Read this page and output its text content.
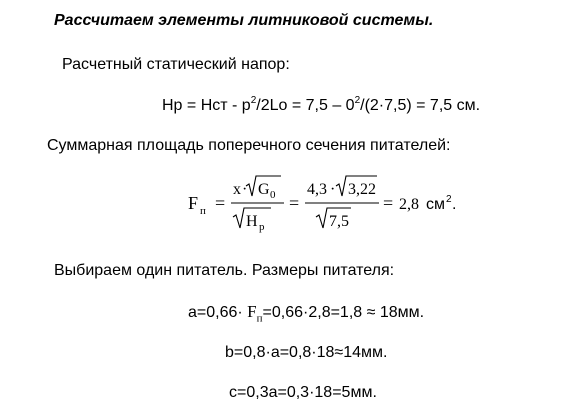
Рассчитаем элементы литниковой системы.
Расчетный статический напор:
Hр = Hст - $р^2/2Lo = 7,5 - 0^2/(2\cdot 7,5) = 7,5$ см.
Суммарная площадь поперечного сечения питателей:
F п =
x · G 0
H р
=
4,3 · 3,22
7,5
= 2,8 см 2 .
Выбираем один питатель. Размеры питателя:
$a=0,66\cdot F_п=0,66\cdot 2,8=1,8 \approx 18мм$.
b=0,8·a=0,8·18≈14мм.
c=0,3a=0,3·18=5мм.
